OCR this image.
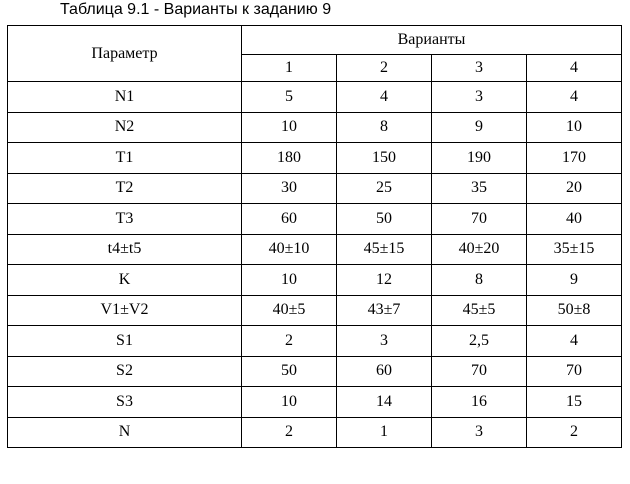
Таблица 9.1 - Варианты к заданию 9
Параметр	Варианты			
	1	2	3	4
N1	5	4	3	4
N2	10	8	9	10
T1	180	150	190	170
T2	30	25	35	20
T3	60	50	70	40
t4±t5	40±10	45±15	40±20	35±15
K	10	12	8	9
V1±V2	40±5	43±7	45±5	50±8
S1	2	3	2,5	4
S2	50	60	70	70
S3	10	14	16	15
N	2	1	3	2
